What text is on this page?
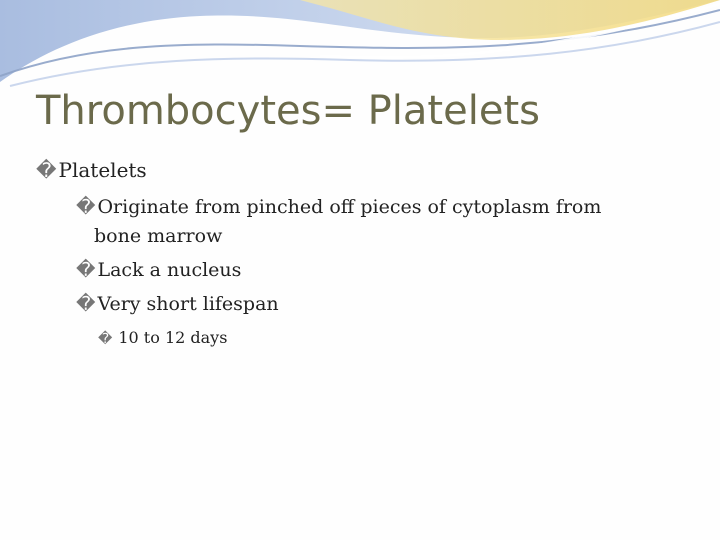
Thrombocytes= Platelets
� Platelets
� Originate from pinched off pieces of cytoplasm from
bone marrow
� Lack a nucleus
� Very short lifespan
� 10 to 12 days
